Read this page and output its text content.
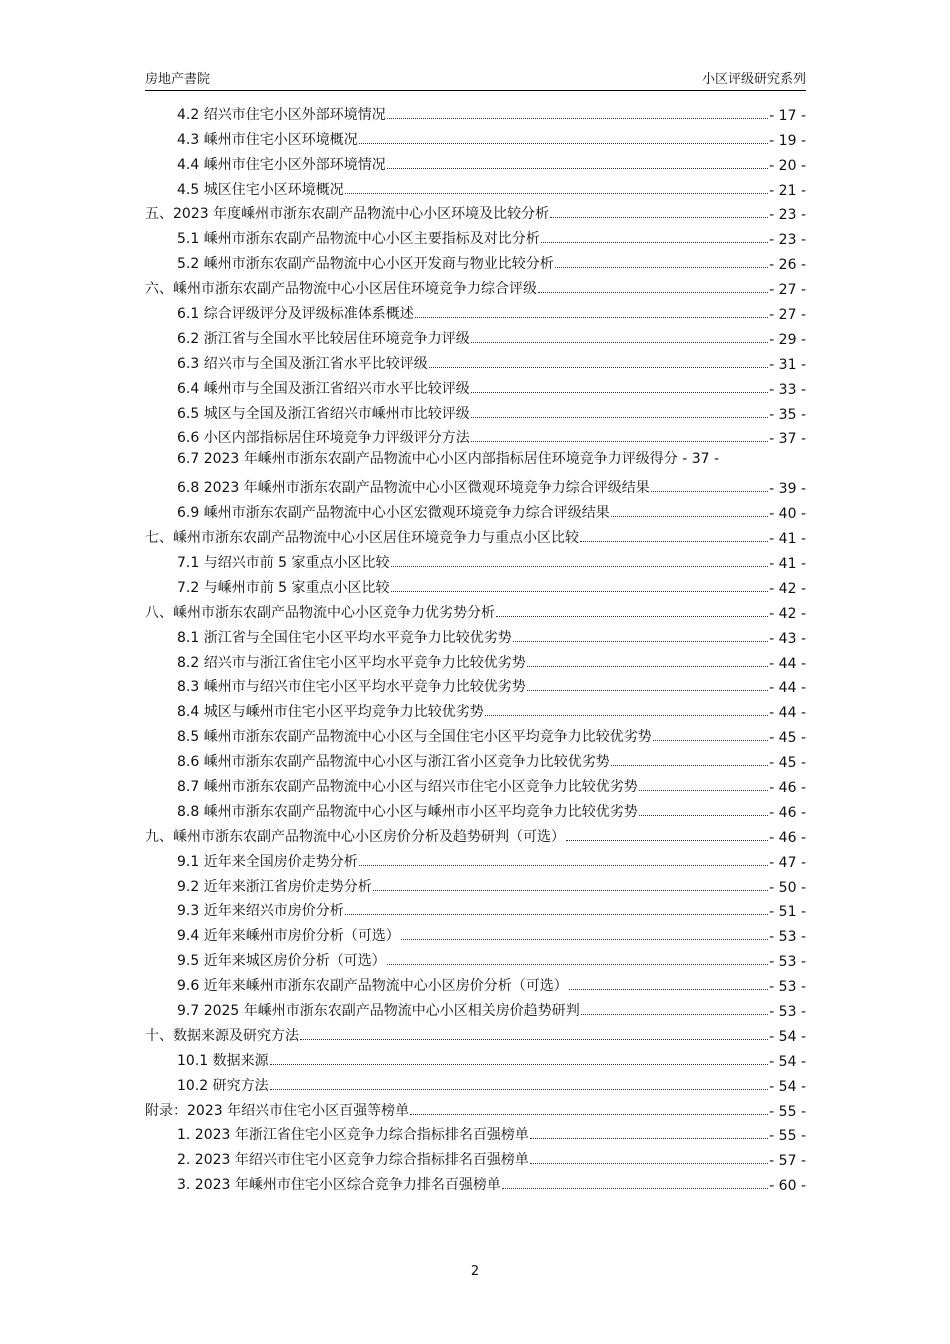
房地产書院	小区评级研究系列
4.2 绍兴市住宅小区外部环境情况	- 17 -
4.3 嵊州市住宅小区环境概况	- 19 -
4.4 嵊州市住宅小区外部环境情况	- 20 -
4.5 城区住宅小区环境概况	- 21 -
五、2023 年度嵊州市浙东农副产品物流中心小区环境及比较分析	- 23 -
5.1 嵊州市浙东农副产品物流中心小区主要指标及对比分析	- 23 -
5.2 嵊州市浙东农副产品物流中心小区开发商与物业比较分析	- 26 -
六、嵊州市浙东农副产品物流中心小区居住环境竞争力综合评级	- 27 -
6.1 综合评级评分及评级标准体系概述	- 27 -
6.2 浙江省与全国水平比较居住环境竞争力评级	- 29 -
6.3 绍兴市与全国及浙江省水平比较评级	- 31 -
6.4 嵊州市与全国及浙江省绍兴市水平比较评级	- 33 -
6.5 城区与全国及浙江省绍兴市嵊州市比较评级	- 35 -
6.6 小区内部指标居住环境竞争力评级评分方法	- 37 -
6.7 2023 年嵊州市浙东农副产品物流中心小区内部指标居住环境竞争力评级得分 - 37 -
6.8 2023 年嵊州市浙东农副产品物流中心小区微观环境竞争力综合评级结果	- 39 -
6.9 嵊州市浙东农副产品物流中心小区宏微观环境竞争力综合评级结果	- 40 -
七、嵊州市浙东农副产品物流中心小区居住环境竞争力与重点小区比较	- 41 -
7.1 与绍兴市前 5 家重点小区比较	- 41 -
7.2 与嵊州市前 5 家重点小区比较	- 42 -
八、嵊州市浙东农副产品物流中心小区竞争力优劣势分析	- 42 -
8.1 浙江省与全国住宅小区平均水平竞争力比较优劣势	- 43 -
8.2 绍兴市与浙江省住宅小区平均水平竞争力比较优劣势	- 44 -
8.3 嵊州市与绍兴市住宅小区平均水平竞争力比较优劣势	- 44 -
8.4 城区与嵊州市住宅小区平均竞争力比较优劣势	- 44 -
8.5 嵊州市浙东农副产品物流中心小区与全国住宅小区平均竞争力比较优劣势	- 45 -
8.6 嵊州市浙东农副产品物流中心小区与浙江省小区竞争力比较优劣势	- 45 -
8.7 嵊州市浙东农副产品物流中心小区与绍兴市住宅小区竞争力比较优劣势	- 46 -
8.8 嵊州市浙东农副产品物流中心小区与嵊州市小区平均竞争力比较优劣势	- 46 -
九、嵊州市浙东农副产品物流中心小区房价分析及趋势研判（可选）	- 46 -
9.1 近年来全国房价走势分析	- 47 -
9.2 近年来浙江省房价走势分析	- 50 -
9.3 近年来绍兴市房价分析	- 51 -
9.4 近年来嵊州市房价分析（可选）	- 53 -
9.5 近年来城区房价分析（可选）	- 53 -
9.6 近年来嵊州市浙东农副产品物流中心小区房价分析（可选）	- 53 -
9.7 2025 年嵊州市浙东农副产品物流中心小区相关房价趋势研判	- 53 -
十、数据来源及研究方法	- 54 -
10.1 数据来源	- 54 -
10.2 研究方法	- 54 -
附录：2023 年绍兴市住宅小区百强等榜单	- 55 -
1. 2023 年浙江省住宅小区竞争力综合指标排名百强榜单	- 55 -
2. 2023 年绍兴市住宅小区竞争力综合指标排名百强榜单	- 57 -
3. 2023 年嵊州市住宅小区综合竞争力排名百强榜单	- 60 -
2
